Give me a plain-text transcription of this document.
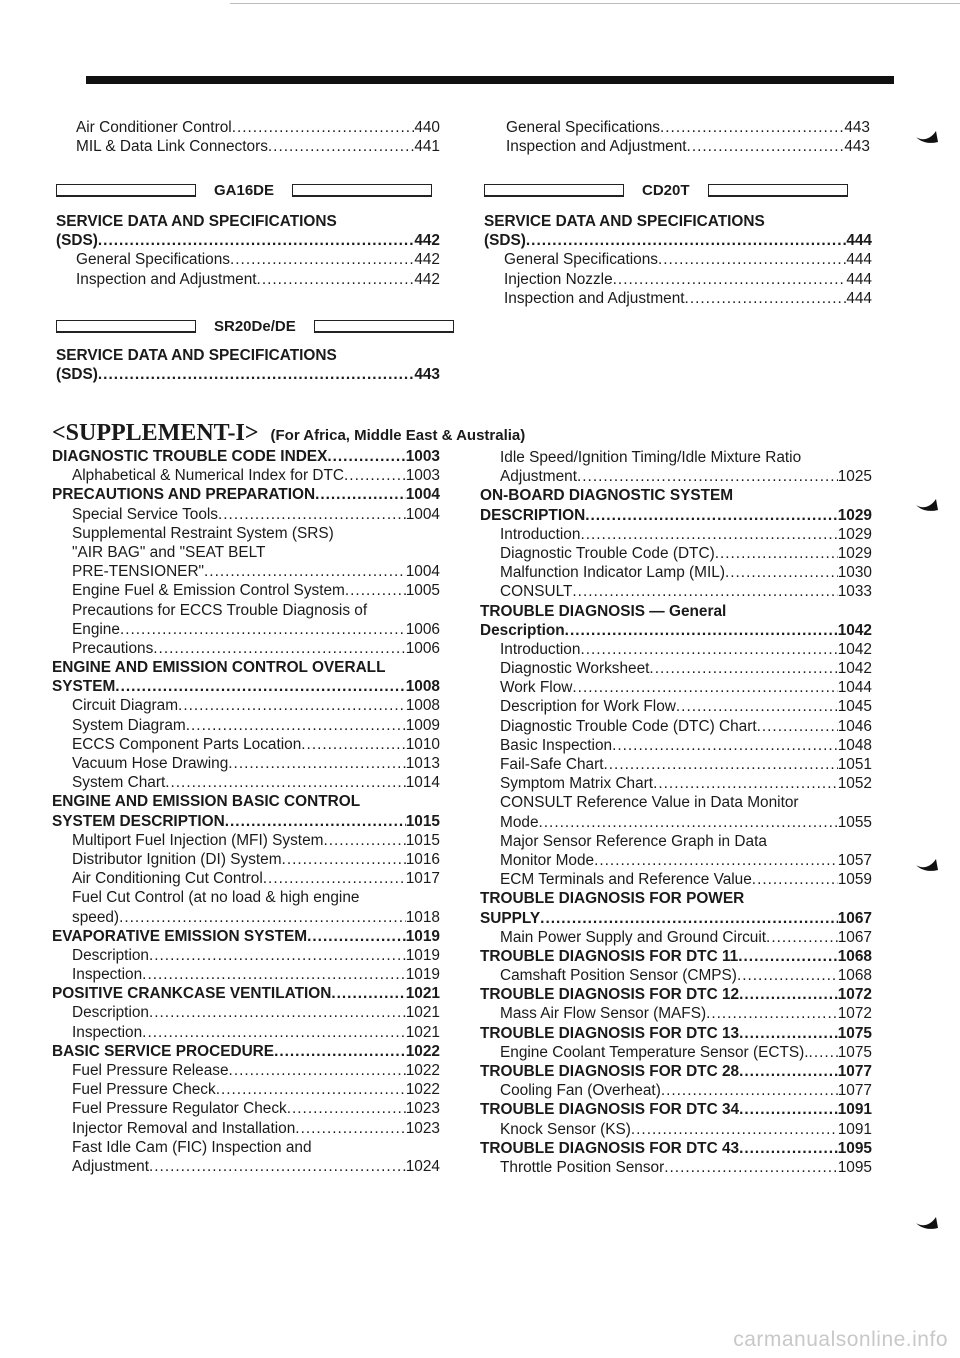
Air Conditioner Control .....	440
MIL & Data Link Connectors .....	441
General Specifications .....	443
Inspection and Adjustment .....	443
GA16DE
SERVICE DATA AND SPECIFICATIONS
(SDS) .....	442
General Specifications .....	442
Inspection and Adjustment .....	442
SR20De/DE
SERVICE DATA AND SPECIFICATIONS
(SDS) .....	443
CD20T
SERVICE DATA AND SPECIFICATIONS
(SDS) .....	444
General Specifications .....	444
Injection Nozzle .....	444
Inspection and Adjustment .....	444
<SUPPLEMENT-I> (For Africa, Middle East & Australia)
DIAGNOSTIC TROUBLE CODE INDEX .....	1003
Alphabetical & Numerical Index for DTC .....	1003
PRECAUTIONS AND PREPARATION .....	1004
Special Service Tools .....	1004
Supplemental Restraint System (SRS)
"AIR BAG" and "SEAT BELT
PRE-TENSIONER" .....	1004
Engine Fuel & Emission Control System .....	1005
Precautions for ECCS Trouble Diagnosis of
Engine .....	1006
Precautions .....	1006
ENGINE AND EMISSION CONTROL OVERALL
SYSTEM .....	1008
Circuit Diagram .....	1008
System Diagram .....	1009
ECCS Component Parts Location .....	1010
Vacuum Hose Drawing .....	1013
System Chart .....	1014
ENGINE AND EMISSION BASIC CONTROL
SYSTEM DESCRIPTION .....	1015
Multiport Fuel Injection (MFI) System .....	1015
Distributor Ignition (DI) System .....	1016
Air Conditioning Cut Control .....	1017
Fuel Cut Control (at no load & high engine
speed) .....	1018
EVAPORATIVE EMISSION SYSTEM .....	1019
Description .....	1019
Inspection .....	1019
POSITIVE CRANKCASE VENTILATION .....	1021
Description .....	1021
Inspection .....	1021
BASIC SERVICE PROCEDURE .....	1022
Fuel Pressure Release .....	1022
Fuel Pressure Check .....	1022
Fuel Pressure Regulator Check .....	1023
Injector Removal and Installation .....	1023
Fast Idle Cam (FIC) Inspection and
Adjustment .....	1024
Idle Speed/Ignition Timing/Idle Mixture Ratio
Adjustment .....	1025
ON-BOARD DIAGNOSTIC SYSTEM
DESCRIPTION .....	1029
Introduction .....	1029
Diagnostic Trouble Code (DTC) .....	1029
Malfunction Indicator Lamp (MIL) .....	1030
CONSULT .....	1033
TROUBLE DIAGNOSIS — General
Description .....	1042
Introduction .....	1042
Diagnostic Worksheet .....	1042
Work Flow .....	1044
Description for Work Flow .....	1045
Diagnostic Trouble Code (DTC) Chart .....	1046
Basic Inspection .....	1048
Fail-Safe Chart .....	1051
Symptom Matrix Chart .....	1052
CONSULT Reference Value in Data Monitor
Mode .....	1055
Major Sensor Reference Graph in Data
Monitor Mode .....	1057
ECM Terminals and Reference Value .....	1059
TROUBLE DIAGNOSIS FOR POWER
SUPPLY .....	1067
Main Power Supply and Ground Circuit .....	1067
TROUBLE DIAGNOSIS FOR DTC 11 .....	1068
Camshaft Position Sensor (CMPS) .....	1068
TROUBLE DIAGNOSIS FOR DTC 12 .....	1072
Mass Air Flow Sensor (MAFS) .....	1072
TROUBLE DIAGNOSIS FOR DTC 13 .....	1075
Engine Coolant Temperature Sensor (ECTS). ..... 1075
TROUBLE DIAGNOSIS FOR DTC 28 .....	1077
Cooling Fan (Overheat) .....	1077
TROUBLE DIAGNOSIS FOR DTC 34 .....	1091
Knock Sensor (KS) .....	1091
TROUBLE DIAGNOSIS FOR DTC 43 .....	1095
Throttle Position Sensor .....	1095
carmanualsonline.info
